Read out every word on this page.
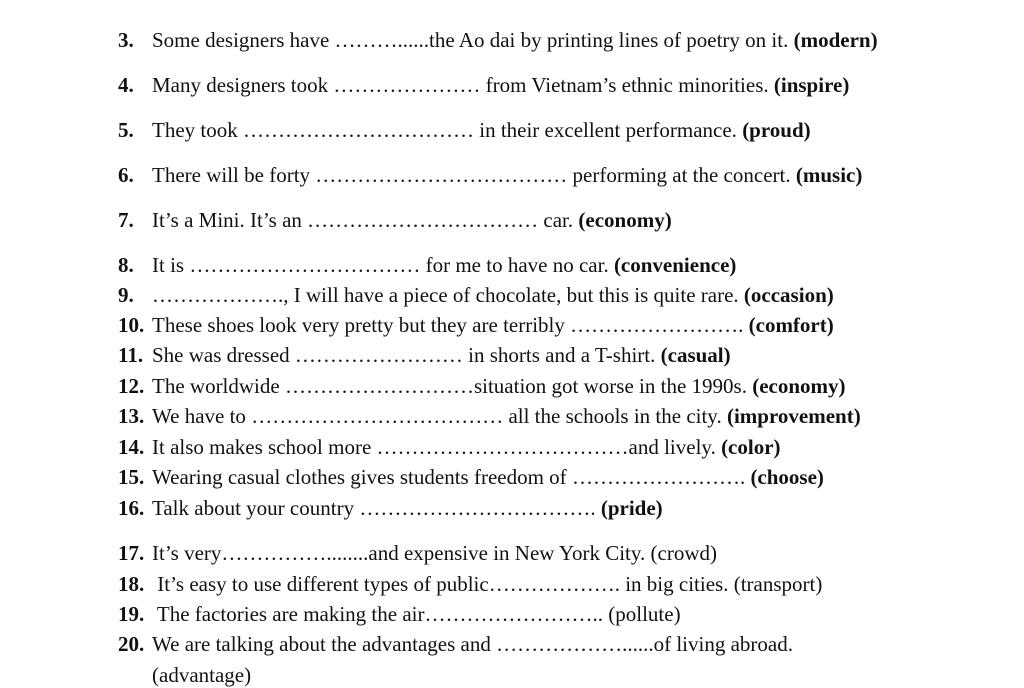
3. Some designers have ………......the Ao dai by printing lines of poetry on it. (modern)
4. Many designers took ………………… from Vietnam’s ethnic minorities. (inspire)
5. They took …………………………… in their excellent performance. (proud)
6. There will be forty ……………………………… performing at the concert. (music)
7. It’s a Mini. It’s an …………………………… car. (economy)
8. It is …………………………… for me to have no car. (convenience)
9. ………………., I will have a piece of chocolate, but this is quite rare. (occasion)
10. These shoes look very pretty but they are terribly ……………………. (comfort)
11. She was dressed …………………… in shorts and a T-shirt. (casual)
12. The worldwide ………………………situation got worse in the 1990s. (economy)
13. We have to ……………………………… all the schools in the city. (improvement)
14. It also makes school more ………………………………and lively. (color)
15. Wearing casual clothes gives students freedom of ……………………. (choose)
16. Talk about your country ……………………………. (pride)
17. It’s very……………........and expensive in New York City. (crowd)
18. It’s easy to use different types of public………………. in big cities. (transport)
19. The factories are making the air…………………….. (pollute)
20. We are talking about the advantages and ………………......of living abroad.
(advantage)
